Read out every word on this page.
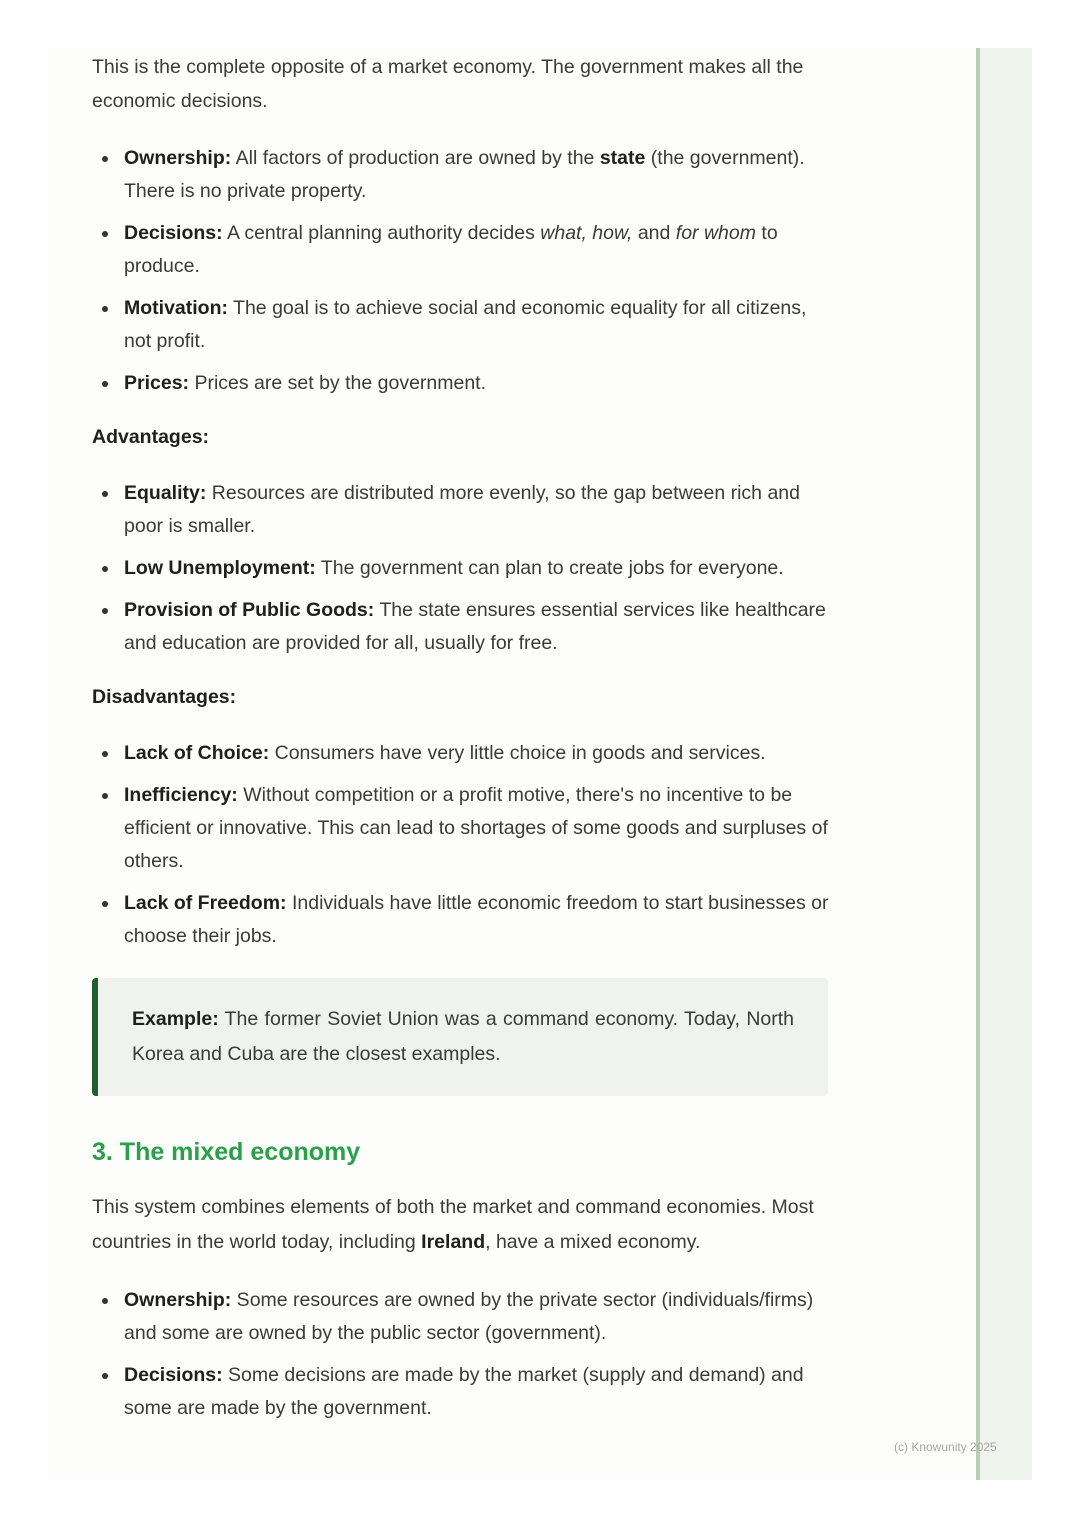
This is the complete opposite of a market economy. The government makes all the economic decisions.

Ownership: All factors of production are owned by the state (the government). There is no private property.
Decisions: A central planning authority decides what, how, and for whom to produce.
Motivation: The goal is to achieve social and economic equality for all citizens, not profit.
Prices: Prices are set by the government.

Advantages:

Equality: Resources are distributed more evenly, so the gap between rich and poor is smaller.
Low Unemployment: The government can plan to create jobs for everyone.
Provision of Public Goods: The state ensures essential services like healthcare and education are provided for all, usually for free.

Disadvantages:

Lack of Choice: Consumers have very little choice in goods and services.
Inefficiency: Without competition or a profit motive, there's no incentive to be efficient or innovative. This can lead to shortages of some goods and surpluses of others.
Lack of Freedom: Individuals have little economic freedom to start businesses or choose their jobs.
Example: The former Soviet Union was a command economy. Today, North Korea and Cuba are the closest examples.
3. The mixed economy

This system combines elements of both the market and command economies. Most countries in the world today, including Ireland, have a mixed economy.

Ownership: Some resources are owned by the private sector (individuals/firms) and some are owned by the public sector (government).
Decisions: Some decisions are made by the market (supply and demand) and some are made by the government.
(c) Knowunity 2025
